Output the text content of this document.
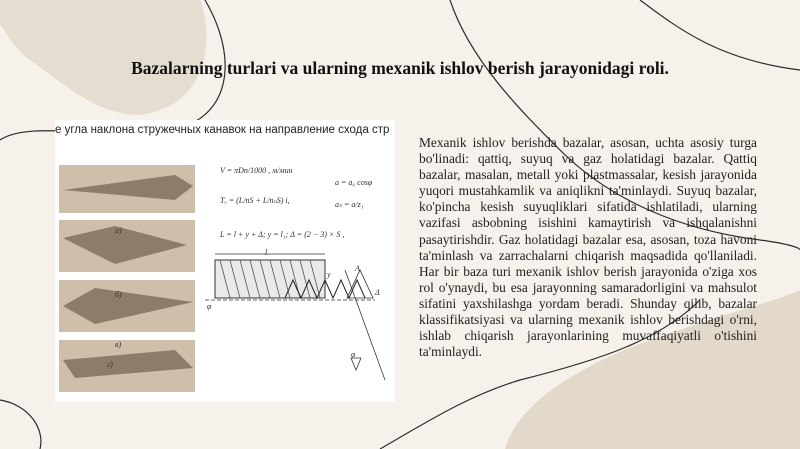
Bazalarning turlari va ularning mexanik ishlov berish jarayonidagi roli.
е угла наклона стружечных канавок на направление схода стр
V = πDn/1000 , м/мин
Tₒ = (L/nS + L/nₙS) i,
a = a₀ cosφ
aₛ = a/z₁
L = l + y + Δ; y = l₁; Δ = (2 − 3) × S ,
а)
б)
в)
г)
l
y
A
Δ
φ
φ
Mexanik ishlov berishda bazalar, asosan, uchta asosiy turga bo'linadi: qattiq, suyuq va gaz holatidagi bazalar. Qattiq bazalar, masalan, metall yoki plastmassalar, kesish jarayonida yuqori mustahkamlik va aniqlikni ta'minlaydi. Suyuq bazalar, ko'pincha kesish suyuqliklari sifatida ishlatiladi, ularning vazifasi asbobning isishini kamaytirish va ishqalanishni pasaytirishdir. Gaz holatidagi bazalar esa, asosan, toza havoni ta'minlash va zarrachalarni chiqarish maqsadida qo'llaniladi. Har bir baza turi mexanik ishlov berish jarayonida o'ziga xos rol o'ynaydi, bu esa jarayonning samaradorligini va mahsulot sifatini yaxshilashga yordam beradi. Shunday qilib, bazalar klassifikatsiyasi va ularning mexanik ishlov berishdagi o'rni, ishlab chiqarish jarayonlarining muvaffaqiyatli o'tishini ta'minlaydi.
